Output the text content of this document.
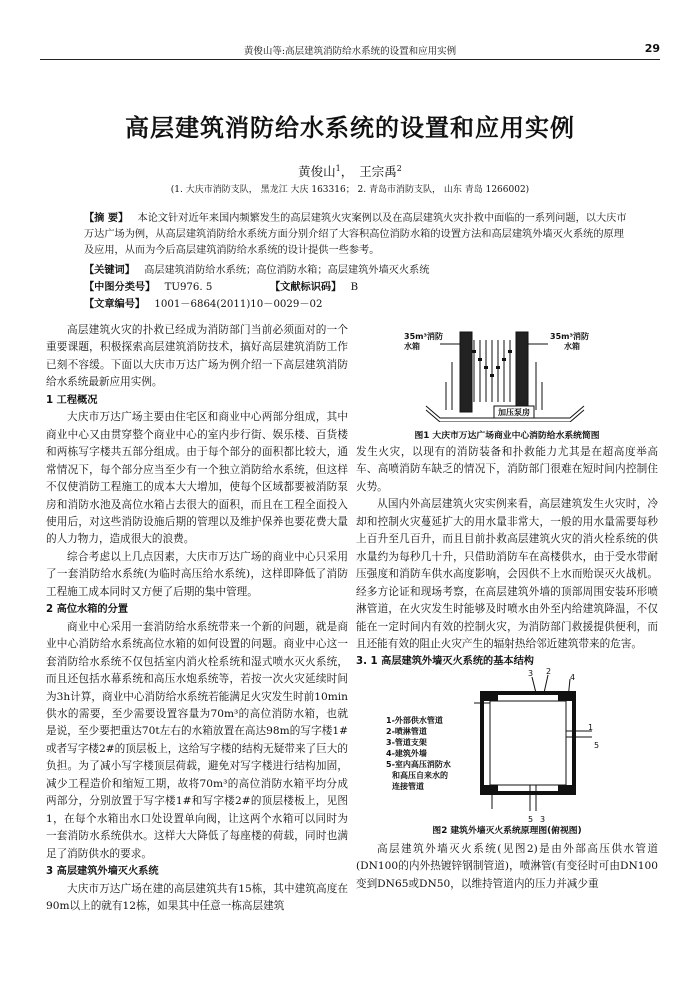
黄俊山等:高层建筑消防给水系统的设置和应用实例	29
高层建筑消防给水系统的设置和应用实例
黄俊山$^1$， 王宗禹$^2$
(1. 大庆市消防支队， 黑龙江 大庆 163316； 2. 青岛市消防支队， 山东 青岛 1266002)
【摘 要】 本论文针对近年来国内频繁发生的高层建筑火灾案例以及在高层建筑火灾扑救中面临的一系列问题，以大庆市万达广场为例，从高层建筑消防给水系统方面分别介绍了大容积高位消防水箱的设置方法和高层建筑外墙灭火系统的原理及应用，从而为今后高层建筑消防给水系统的设计提供一些参考。
【关键词】 高层建筑消防给水系统；高位消防水箱；高层建筑外墙灭火系统
【中图分类号】 TU976. 5	【文献标识码】 B【文章编号】 1001－6864(2011)10－0029－02

高层建筑火灾的扑救已经成为消防部门当前必须面对的一个重要课题，积极探索高层建筑消防技术，搞好高层建筑消防工作已刻不容缓。下面以大庆市万达广场为例介绍一下高层建筑消防给水系统最新应用实例。

1 工程概况

大庆市万达广场主要由住宅区和商业中心两部分组成，其中商业中心又由贯穿整个商业中心的室内步行街、娱乐楼、百货楼和两栋写字楼共五部分组成。由于每个部分的面积都比较大，通常情况下，每个部分应当至少有一个独立消防给水系统，但这样不仅使消防工程施工的成本大大增加，使每个区域都要被消防泵房和消防水池及高位水箱占去很大的面积，而且在工程全面投入使用后，对这些消防设施后期的管理以及维护保养也要花费大量的人力物力，造成很大的浪费。

综合考虑以上几点因素，大庆市万达广场的商业中心只采用了一套消防给水系统(为临时高压给水系统)，这样即降低了消防工程施工成本同时又方便了后期的集中管理。

2 高位水箱的分置

商业中心采用一套消防给水系统带来一个新的问题，就是商业中心消防给水系统高位水箱的如何设置的问题。商业中心这一套消防给水系统不仅包括室内消火栓系统和湿式喷水灭火系统，而且还包括水幕系统和高压水炮系统等，若按一次火灾延续时间为3h计算，商业中心消防给水系统若能满足火灾发生时前10min供水的需要，至少需要设置容量为70m³的高位消防水箱，也就是说，至少要把重达70t左右的水箱放置在高达98m的写字楼1#或者写字楼2#的顶层板上，这给写字楼的结构无疑带来了巨大的负担。为了减小写字楼顶层荷载，避免对写字楼进行结构加固，减少工程造价和缩短工期，故将70m³的高位消防水箱平均分成两部分，分别放置于写字楼1#和写字楼2#的顶层楼板上，见图1，在每个水箱出水口处设置单向阀，让这两个水箱可以同时为一套消防水系统供水。这样大大降低了每座楼的荷载，同时也满足了消防供水的要求。

3 高层建筑外墙灭火系统

大庆市万达广场在建的高层建筑共有15栋，其中建筑高度在90m以上的就有12栋，如果其中任意一栋高层建筑

35m³消防
水箱
35m³消防
水箱
加压泵房
图1 大庆市万达广场商业中心消防给水系统简图

发生火灾，以现有的消防装备和扑救能力尤其是在超高度举高车、高喷消防车缺乏的情况下，消防部门很难在短时间内控制住火势。

从国内外高层建筑火灾实例来看，高层建筑发生火灾时，冷却和控制火灾蔓延扩大的用水量非常大，一般的用水量需要每秒上百升至几百升，而且目前扑救高层建筑火灾的消火栓系统的供水量约为每秒几十升，只借助消防车在高楼供水，由于受水带耐压强度和消防车供水高度影响，会因供不上水而贻误灭火战机。经多方论证和现场考察，在高层建筑外墙的顶部周围安装环形喷淋管道，在火灾发生时能够及时喷水由外至内给建筑降温，不仅能在一定时间内有效的控制火灾，为消防部门救援提供便利，而且还能有效的阻止火灾产生的辐射热给邻近建筑带来的危害。

3. 1 高层建筑外墙灭火系统的基本结构

1-外部供水管道
2-喷淋管道
3-管道支架
4-建筑外墙
5-室内高压消防水
和高压自来水的
连接管道
3 2
4
1
5
5 3
图2 建筑外墙灭火系统原理图(俯视图)

高层建筑外墙灭火系统(见图2)是由外部高压供水管道(DN100的内外热镀锌钢制管道)，喷淋管(有变径时可由DN100变到DN65或DN50，以维持管道内的压力并减少重
